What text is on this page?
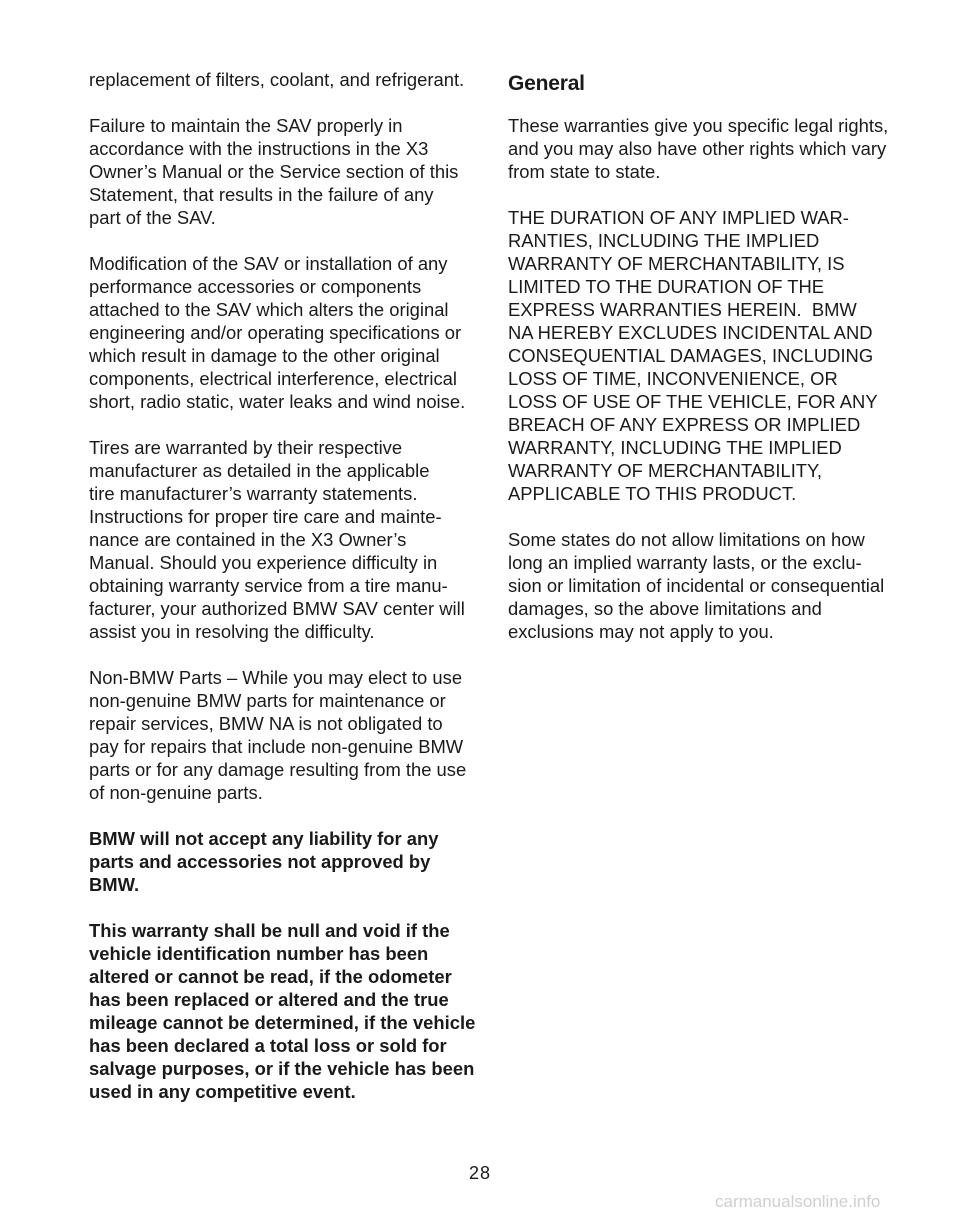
replacement of filters, coolant, and refrigerant.
Failure to maintain the SAV properly in
accordance with the instructions in the X3
Owner’s Manual or the Service section of this
Statement, that results in the failure of any
part of the SAV.
Modification of the SAV or installation of any
performance accessories or components
attached to the SAV which alters the original
engineering and/or operating specifications or
which result in damage to the other original
components, electrical interference, electrical
short, radio static, water leaks and wind noise.
Tires are warranted by their respective
manufacturer as detailed in the applicable
tire manufacturer’s warranty statements.
Instructions for proper tire care and mainte-
nance are contained in the X3 Owner’s
Manual. Should you experience difficulty in
obtaining warranty service from a tire manu-
facturer, your authorized BMW SAV center will
assist you in resolving the difficulty.
Non-BMW Parts – While you may elect to use
non-genuine BMW parts for maintenance or
repair services, BMW NA is not obligated to
pay for repairs that include non-genuine BMW
parts or for any damage resulting from the use
of non-genuine parts.
BMW will not accept any liability for any
parts and accessories not approved by
BMW.
This warranty shall be null and void if the
vehicle identification number has been
altered or cannot be read, if the odometer
has been replaced or altered and the true
mileage cannot be determined, if the vehicle
has been declared a total loss or sold for
salvage purposes, or if the vehicle has been
used in any competitive event.
General
These warranties give you specific legal rights,
and you may also have other rights which vary
from state to state.
THE DURATION OF ANY IMPLIED WAR-
RANTIES, INCLUDING THE IMPLIED
WARRANTY OF MERCHANTABILITY, IS
LIMITED TO THE DURATION OF THE
EXPRESS WARRANTIES HEREIN.  BMW
NA HEREBY EXCLUDES INCIDENTAL AND
CONSEQUENTIAL DAMAGES, INCLUDING
LOSS OF TIME, INCONVENIENCE, OR
LOSS OF USE OF THE VEHICLE, FOR ANY
BREACH OF ANY EXPRESS OR IMPLIED
WARRANTY, INCLUDING THE IMPLIED
WARRANTY OF MERCHANTABILITY,
APPLICABLE TO THIS PRODUCT.
Some states do not allow limitations on how
long an implied warranty lasts, or the exclu-
sion or limitation of incidental or consequential
damages, so the above limitations and
exclusions may not apply to you.
28
carmanualsonline.info
